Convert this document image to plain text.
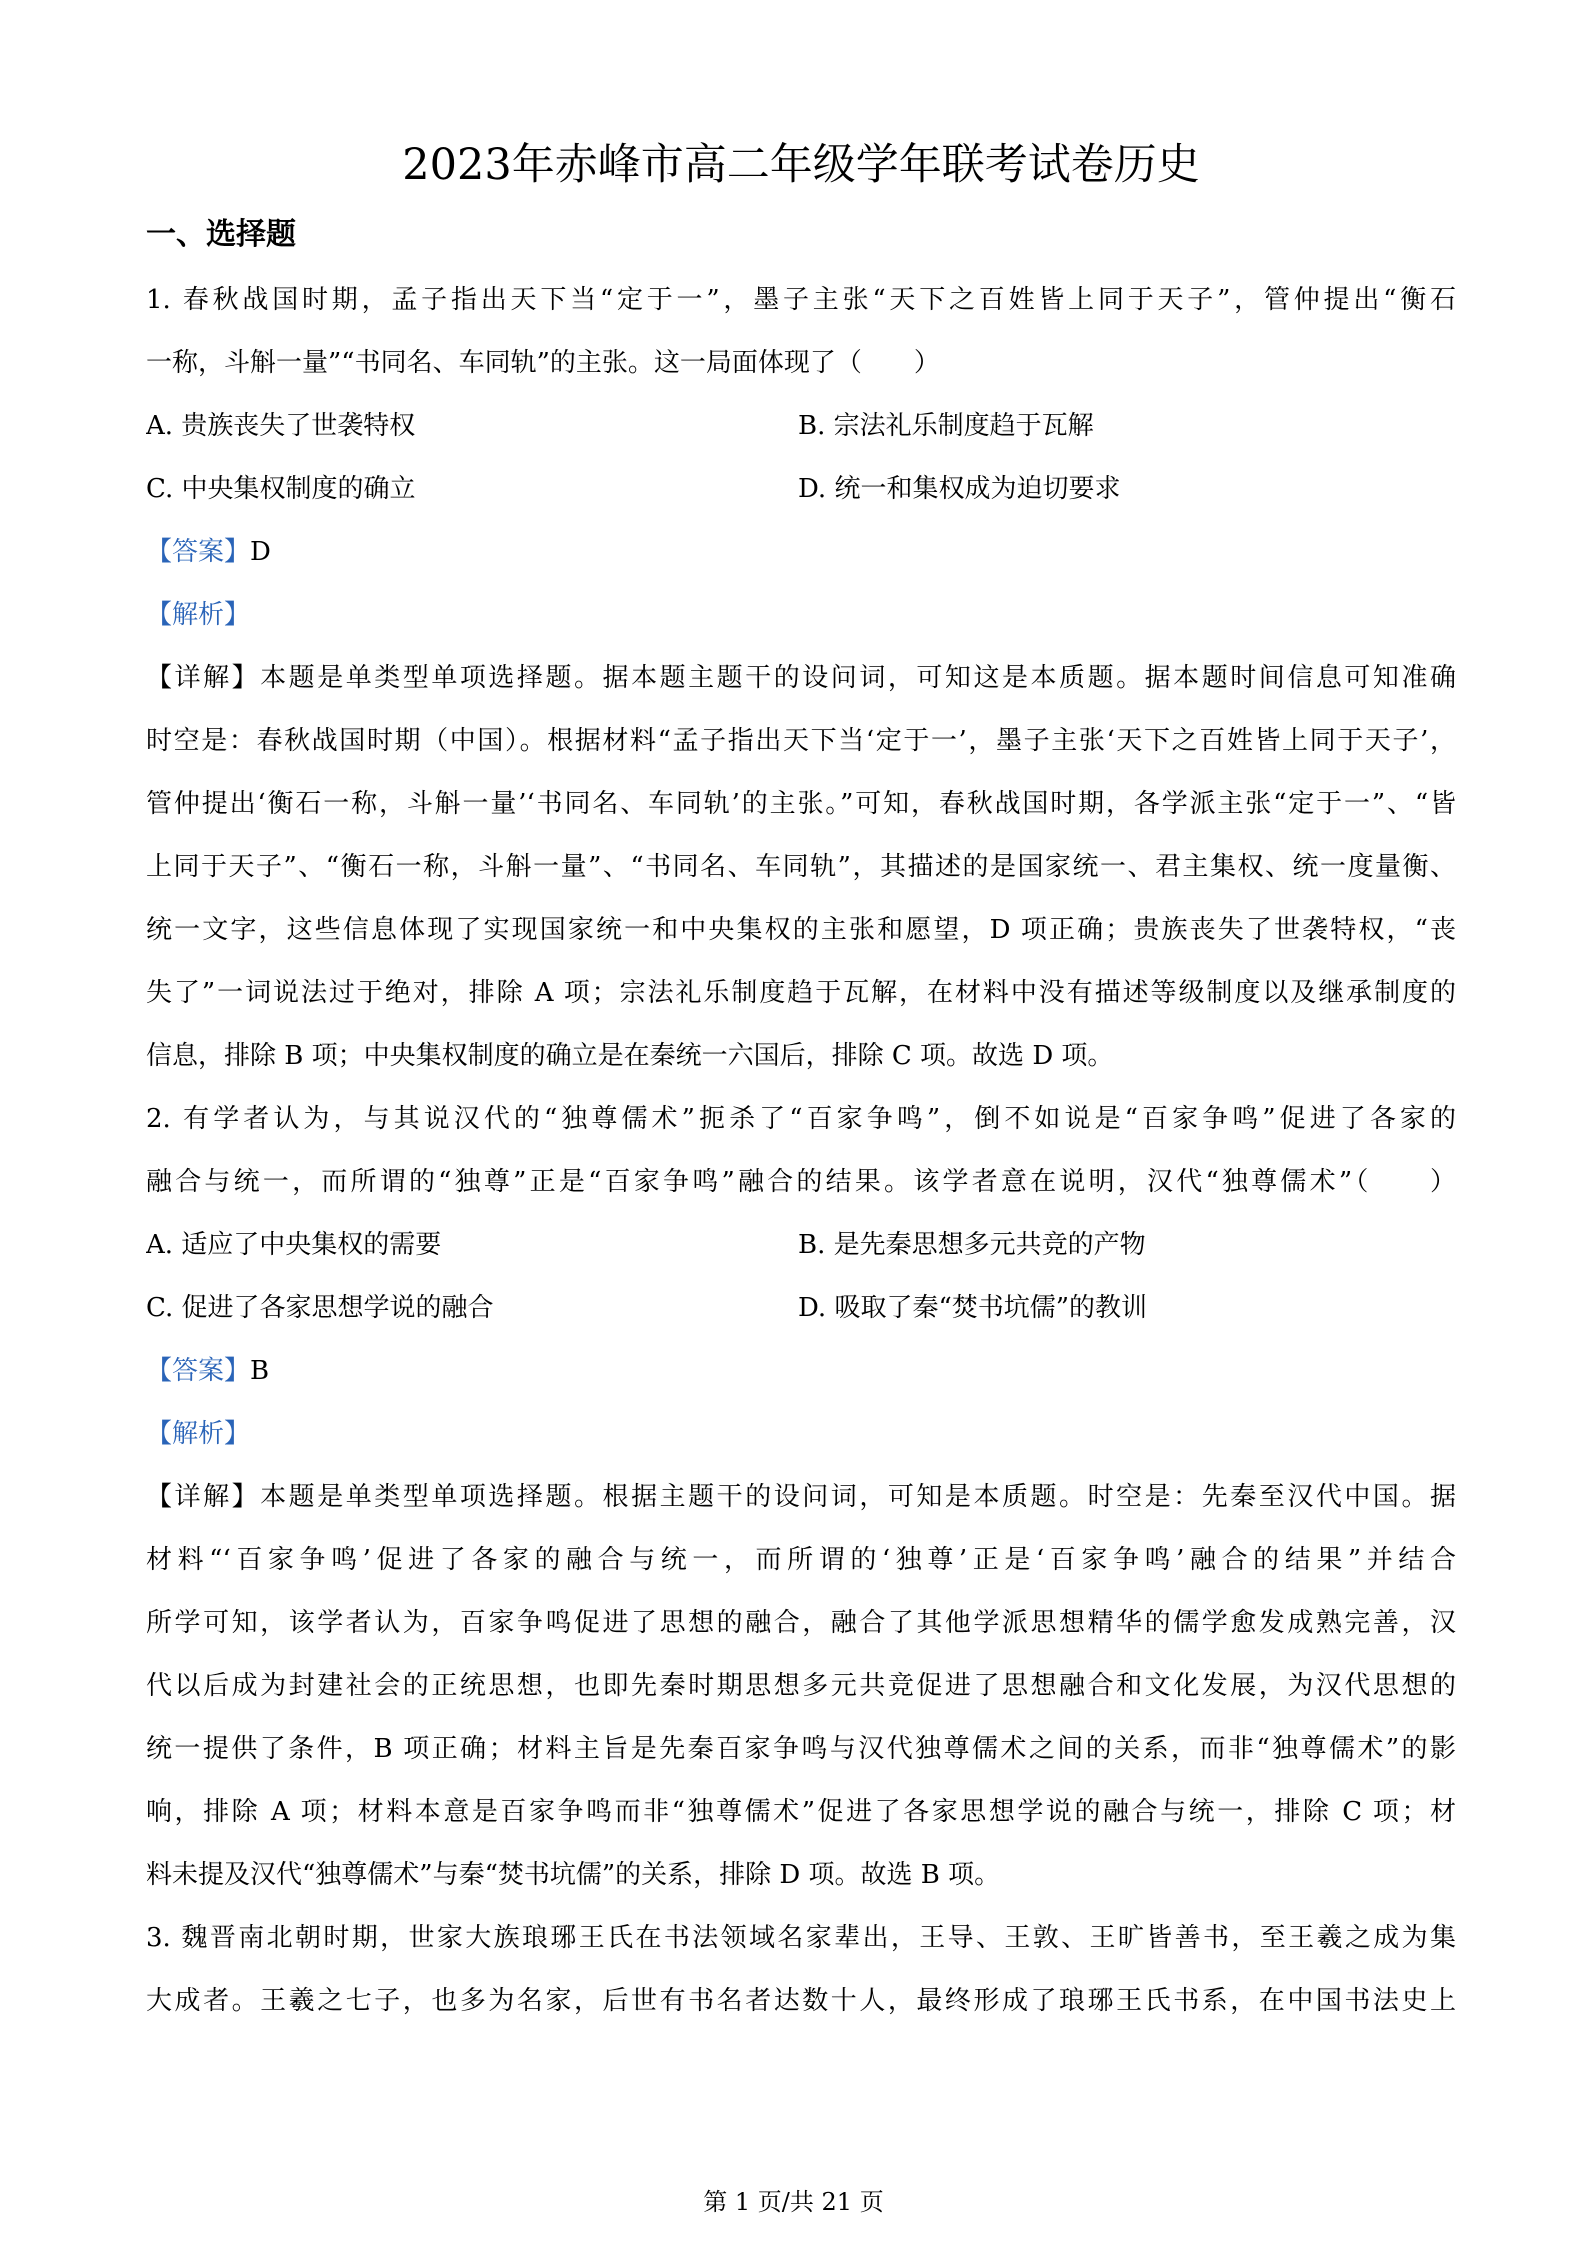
2023年赤峰市高二年级学年联考试卷历史
一、选择题
1. 春秋战国时期，孟子指出天下当“定于一”，墨子主张“天下之百姓皆上同于天子”，管仲提出“衡石
一称，斗斛一量”“书同名、车同轨”的主张。这一局面体现了（　　）
A. 贵族丧失了世袭特权	B. 宗法礼乐制度趋于瓦解
C. 中央集权制度的确立	D. 统一和集权成为迫切要求
【答案】D
【解析】
【详解】本题是单类型单项选择题。据本题主题干的设问词，可知这是本质题。据本题时间信息可知准确
时空是：春秋战国时期（中国）。根据材料“孟子指出天下当‘定于一’，墨子主张‘天下之百姓皆上同于天子’，
管仲提出‘衡石一称，斗斛一量’‘书同名、车同轨’的主张。”可知，春秋战国时期，各学派主张“定于一”、“皆
上同于天子”、“衡石一称，斗斛一量”、“书同名、车同轨”，其描述的是国家统一、君主集权、统一度量衡、
统一文字，这些信息体现了实现国家统一和中央集权的主张和愿望，D 项正确；贵族丧失了世袭特权，“丧
失了”一词说法过于绝对，排除 A 项；宗法礼乐制度趋于瓦解，在材料中没有描述等级制度以及继承制度的
信息，排除 B 项；中央集权制度的确立是在秦统一六国后，排除 C 项。故选 D 项。
2. 有学者认为，与其说汉代的“独尊儒术”扼杀了“百家争鸣”，倒不如说是“百家争鸣”促进了各家的
融合与统一，而所谓的“独尊”正是“百家争鸣”融合的结果。该学者意在说明，汉代“独尊儒术”（　　）
A. 适应了中央集权的需要	B. 是先秦思想多元共竞的产物
C. 促进了各家思想学说的融合	D. 吸取了秦“焚书坑儒”的教训
【答案】B
【解析】
【详解】本题是单类型单项选择题。根据主题干的设问词，可知是本质题。时空是：先秦至汉代中国。据
材料“‘百家争鸣’促进了各家的融合与统一，而所谓的‘独尊’正是‘百家争鸣’融合的结果”并结合
所学可知，该学者认为，百家争鸣促进了思想的融合，融合了其他学派思想精华的儒学愈发成熟完善，汉
代以后成为封建社会的正统思想，也即先秦时期思想多元共竞促进了思想融合和文化发展，为汉代思想的
统一提供了条件，B 项正确；材料主旨是先秦百家争鸣与汉代独尊儒术之间的关系，而非“独尊儒术”的影
响，排除 A 项；材料本意是百家争鸣而非“独尊儒术”促进了各家思想学说的融合与统一，排除 C 项；材
料未提及汉代“独尊儒术”与秦“焚书坑儒”的关系，排除 D 项。故选 B 项。
3. 魏晋南北朝时期，世家大族琅琊王氏在书法领域名家辈出，王导、王敦、王旷皆善书，至王羲之成为集
大成者。王羲之七子，也多为名家，后世有书名者达数十人，最终形成了琅琊王氏书系，在中国书法史上
第 1 页/共 21 页
